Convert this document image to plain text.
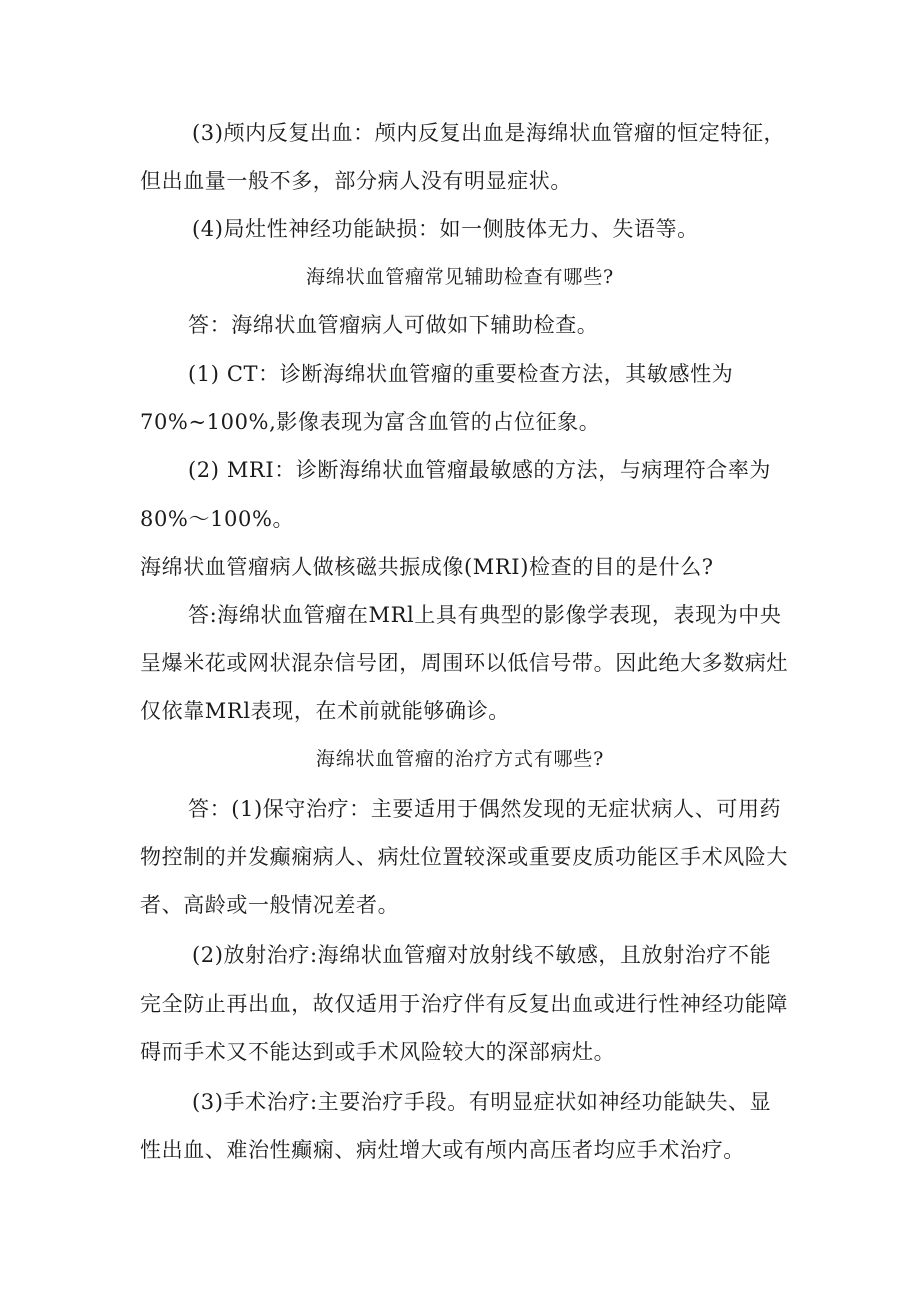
(3)颅内反复出血：颅内反复出血是海绵状血管瘤的恒定特征，
但出血量一般不多，部分病人没有明显症状。
(4)局灶性神经功能缺损：如一侧肢体无力、失语等。
海绵状血管瘤常见辅助检查有哪些?
答：海绵状血管瘤病人可做如下辅助检查。
(1) CT：诊断海绵状血管瘤的重要检查方法，其敏感性为
70%~100%,影像表现为富含血管的占位征象。
(2) MRI：诊断海绵状血管瘤最敏感的方法，与病理符合率为
80%～100%。
海绵状血管瘤病人做核磁共振成像(MRI)检查的目的是什么?
答:海绵状血管瘤在MRl上具有典型的影像学表现，表现为中央
呈爆米花或网状混杂信号团，周围环以低信号带。因此绝大多数病灶
仅依靠MRl表现，在术前就能够确诊。
海绵状血管瘤的治疗方式有哪些?
答：(1)保守治疗：主要适用于偶然发现的无症状病人、可用药
物控制的并发癫痫病人、病灶位置较深或重要皮质功能区手术风险大
者、高龄或一般情况差者。
(2)放射治疗:海绵状血管瘤对放射线不敏感，且放射治疗不能
完全防止再出血，故仅适用于治疗伴有反复出血或进行性神经功能障
碍而手术又不能达到或手术风险较大的深部病灶。
(3)手术治疗:主要治疗手段。有明显症状如神经功能缺失、显
性出血、难治性癫痫、病灶增大或有颅内高压者均应手术治疗。
